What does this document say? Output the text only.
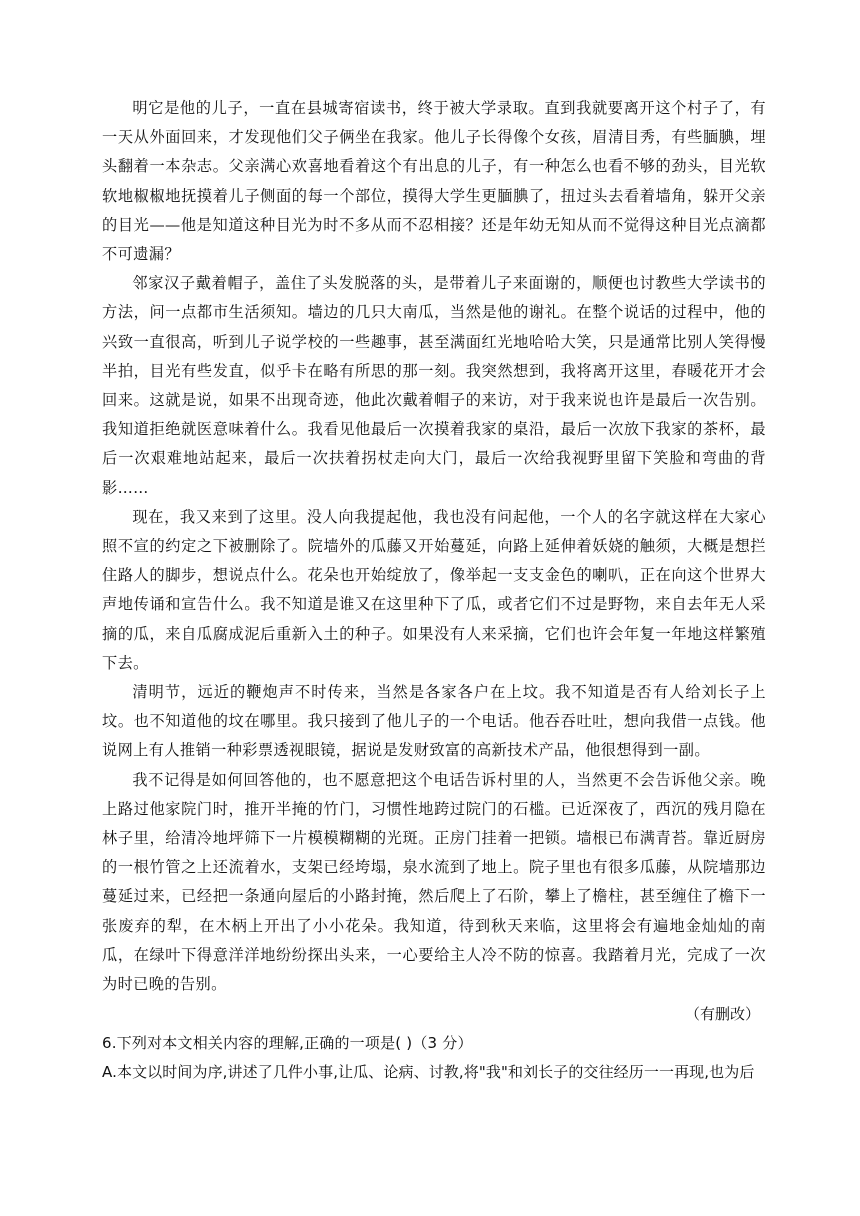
明它是他的儿子，一直在县城寄宿读书，终于被大学录取。直到我就要离开这个村子了，有一天从外面回来，才发现他们父子俩坐在我家。他儿子长得像个女孩，眉清目秀，有些腼腆，埋头翻着一本杂志。父亲满心欢喜地看着这个有出息的儿子，有一种怎么也看不够的劲头，目光软软地椒椒地抚摸着儿子侧面的每一个部位，摸得大学生更腼腆了，扭过头去看着墙角，躲开父亲的目光——他是知道这种目光为时不多从而不忍相接？还是年幼无知从而不觉得这种目光点滴都不可遗漏？

邻家汉子戴着帽子，盖住了头发脱落的头，是带着儿子来面谢的，顺便也讨教些大学读书的方法，问一点都市生活须知。墙边的几只大南瓜，当然是他的谢礼。在整个说话的过程中，他的兴致一直很高，听到儿子说学校的一些趣事，甚至满面红光地哈哈大笑，只是通常比别人笑得慢半拍，目光有些发直，似乎卡在略有所思的那一刻。我突然想到，我将离开这里，春暖花开才会回来。这就是说，如果不出现奇迹，他此次戴着帽子的来访，对于我来说也许是最后一次告别。我知道拒绝就医意味着什么。我看见他最后一次摸着我家的桌沿，最后一次放下我家的茶杯，最后一次艰难地站起来，最后一次扶着拐杖走向大门，最后一次给我视野里留下笑脸和弯曲的背影……

现在，我又来到了这里。没人向我提起他，我也没有问起他，一个人的名字就这样在大家心照不宣的约定之下被删除了。院墙外的瓜藤又开始蔓延，向路上延伸着妖娆的触须，大概是想拦住路人的脚步，想说点什么。花朵也开始绽放了，像举起一支支金色的喇叭，正在向这个世界大声地传诵和宣告什么。我不知道是谁又在这里种下了瓜，或者它们不过是野物，来自去年无人采摘的瓜，来自瓜腐成泥后重新入土的种子。如果没有人来采摘，它们也许会年复一年地这样繁殖下去。

清明节，远近的鞭炮声不时传来，当然是各家各户在上坟。我不知道是否有人给刘长子上坟。也不知道他的坟在哪里。我只接到了他儿子的一个电话。他吞吞吐吐，想向我借一点钱。他说网上有人推销一种彩票透视眼镜，据说是发财致富的高新技术产品，他很想得到一副。

我不记得是如何回答他的，也不愿意把这个电话告诉村里的人，当然更不会告诉他父亲。晚上路过他家院门时，推开半掩的竹门，习惯性地跨过院门的石槛。已近深夜了，西沉的残月隐在林子里，给清冷地坪筛下一片模模糊糊的光斑。正房门挂着一把锁。墙根已布满青苔。靠近厨房的一根竹管之上还流着水，支架已经垮塌，泉水流到了地上。院子里也有很多瓜藤，从院墙那边蔓延过来，已经把一条通向屋后的小路封掩，然后爬上了石阶，攀上了檐柱，甚至缠住了檐下一张废弃的犁，在木柄上开出了小小花朵。我知道，待到秋天来临，这里将会有遍地金灿灿的南瓜，在绿叶下得意洋洋地纷纷探出头来，一心要给主人冷不防的惊喜。我踏着月光，完成了一次为时已晚的告别。

（有删改）

6.下列对本文相关内容的理解,正确的一项是( )（3 分）

A.本文以时间为序,讲述了几件小事,让瓜、论病、讨教,将"我"和刘长子的交往经历一一再现,也为后
